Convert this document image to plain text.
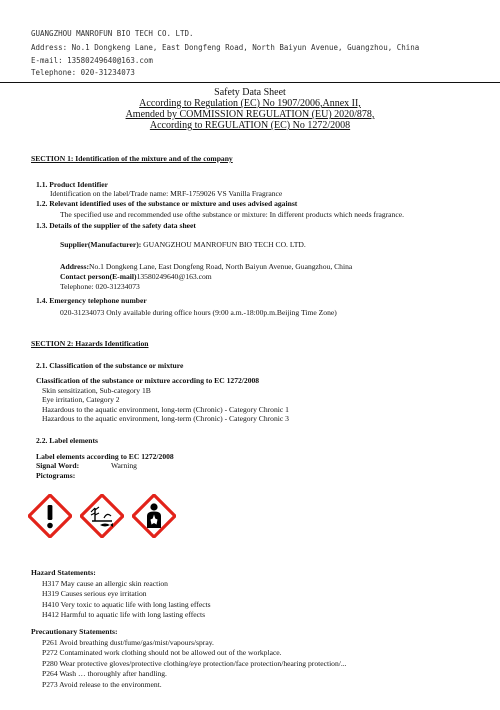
GUANGZHOU MANROFUN BIO TECH CO. LTD.
Address: No.1 Dongkeng Lane, East Dongfeng Road, North Baiyun Avenue, Guangzhou, China
E-mail: 13580249640@163.com
Telephone: 020-31234073
Safety Data Sheet
According to Regulation (EC) No 1907/2006,Annex II,
Amended by COMMISSION REGULATION (EU) 2020/878,
According to REGULATION (EC) No 1272/2008
SECTION 1: Identification of the mixture and of the company
1.1. Product Identifier
Identification on the label/Trade name: MRF-1759026 VS Vanilla Fragrance
1.2. Relevant identified uses of the substance or mixture and uses advised against
The specified use and recommended use ofthe substance or mixture: In different products which needs fragrance.
1.3. Details of the supplier of the safety data sheet
Supplier(Manufacturer): GUANGZHOU MANROFUN BIO TECH CO. LTD.
Address:No.1 Dongkeng Lane, East Dongfeng Road, North Baiyun Avenue, Guangzhou, China
Contact person(E-mail)13580249640@163.com
Telephone: 020-31234073
1.4. Emergency telephone number
020-31234073 Only available during office hours (9:00 a.m.-18:00p.m.Beijing Time Zone)
SECTION 2: Hazards Identification
2.1. Classification of the substance or mixture
Classification of the substance or mixture according to EC 1272/2008
Skin sensitization, Sub-category 1B
Eye irritation, Category 2
Hazardous to the aquatic environment, long-term (Chronic) - Category Chronic 1
Hazardous to the aquatic environment, long-term (Chronic) - Category Chronic 3
2.2. Label elements
Label elements according to EC 1272/2008
Signal Word:	Warning
Pictograms:
Hazard Statements:
H317 May cause an allergic skin reaction
H319 Causes serious eye irritation
H410 Very toxic to aquatic life with long lasting effects
H412 Harmful to aquatic life with long lasting effects
Precautionary Statements:
P261 Avoid breathing dust/fume/gas/mist/vapours/spray.
P272 Contaminated work clothing should not be allowed out of the workplace.
P280 Wear protective gloves/protective clothing/eye protection/face protection/hearing protection/...
P264 Wash … thoroughly after handling.
P273 Avoid release to the environment.
